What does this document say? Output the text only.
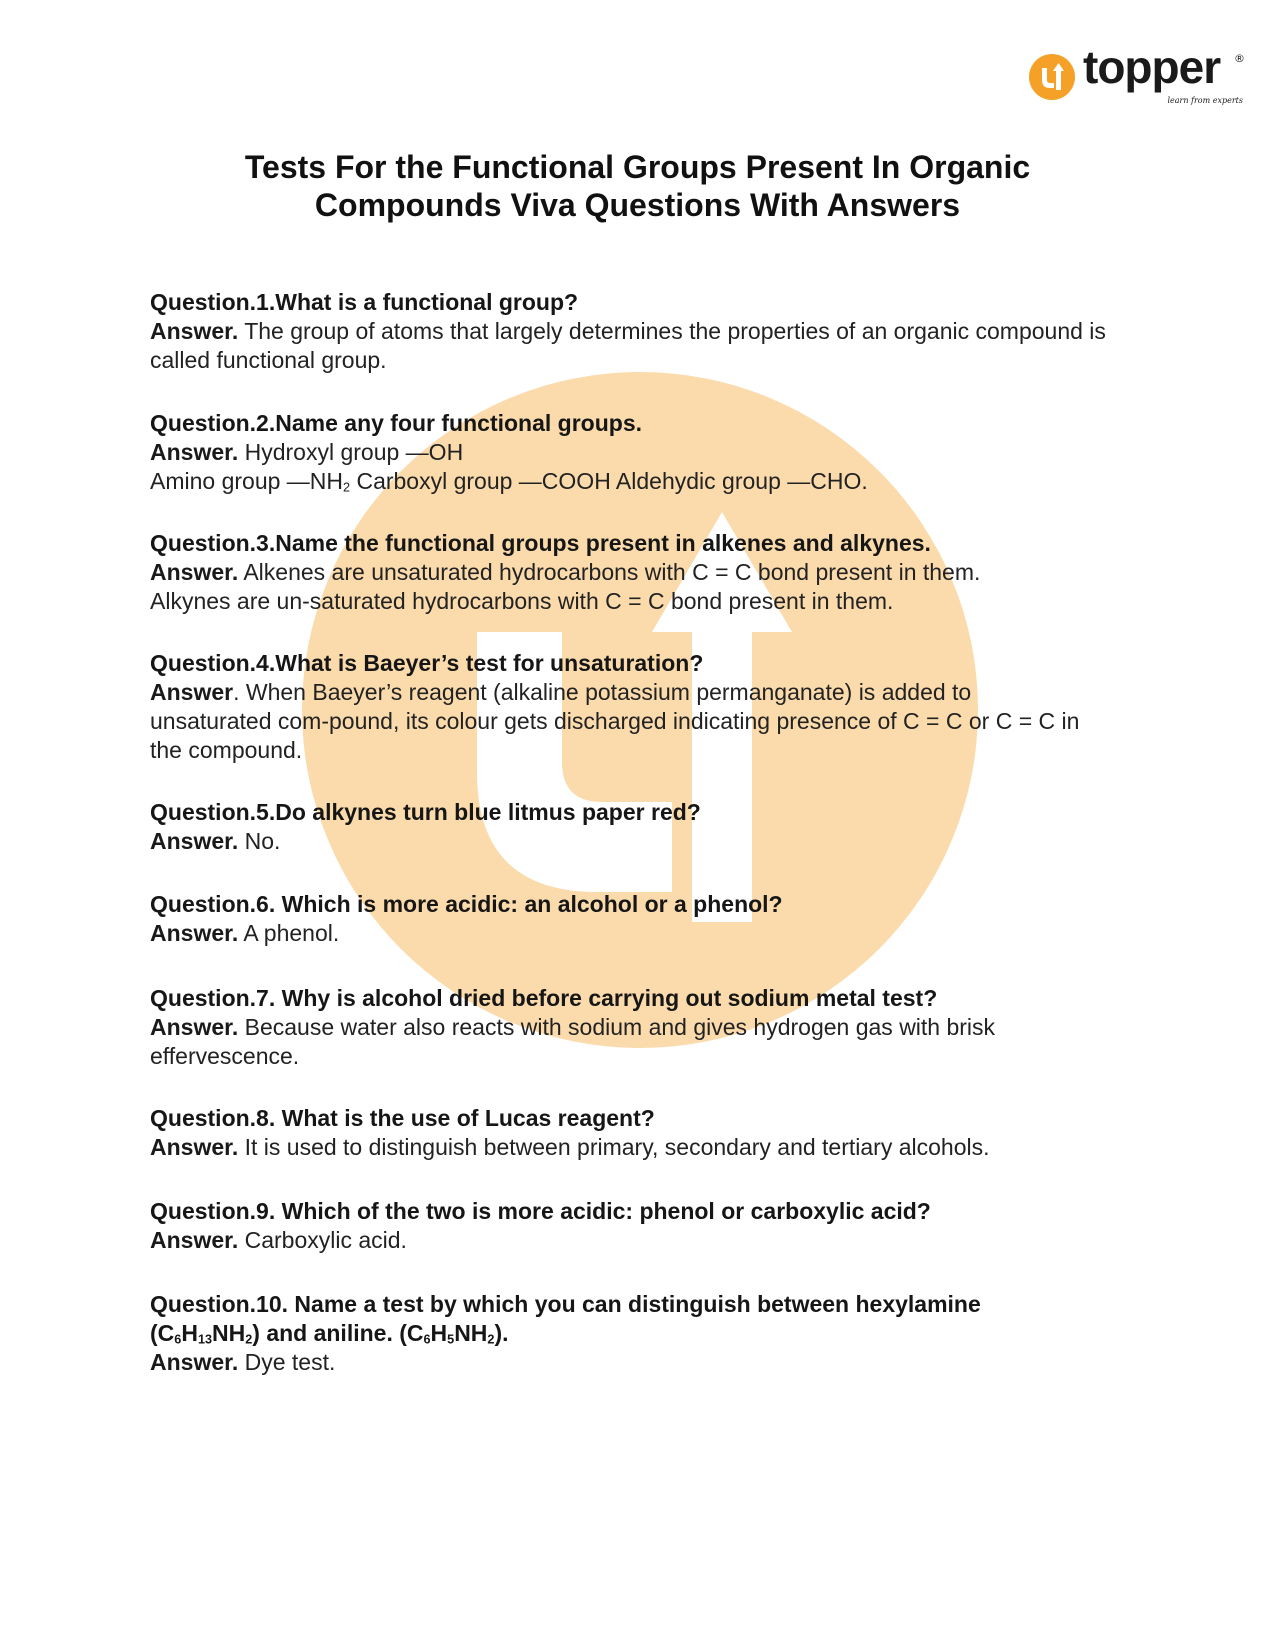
topper ®
learn from experts
Tests For the Functional Groups Present In Organic
Compounds Viva Questions With Answers

Question.1.What is a functional group?

Answer. The group of atoms that largely determines the properties of an organic compound is called functional group.

Question.2.Name any four functional groups.

Answer. Hydroxyl group —OH

Amino group $—NH_2$ Carboxyl group —COOH Aldehydic group —CHO.

Question.3.Name the functional groups present in alkenes and alkynes.

Answer. Alkenes are unsaturated hydrocarbons with C = C bond present in them.

Alkynes are un-saturated hydrocarbons with C = C bond present in them.

Question.4.What is Baeyer’s test for unsaturation?

Answer. When Baeyer’s reagent (alkaline potassium permanganate) is added to unsaturated com-pound, its colour gets discharged indicating presence of C = C or C = C in the compound.

Question.5.Do alkynes turn blue litmus paper red?

Answer. No.

Question.6. Which is more acidic: an alcohol or a phenol?

Answer. A phenol.

Question.7. Why is alcohol dried before carrying out sodium metal test?

Answer. Because water also reacts with sodium and gives hydrogen gas with brisk effervescence.

Question.8. What is the use of Lucas reagent?

Answer. It is used to distinguish between primary, secondary and tertiary alcohols.

Question.9. Which of the two is more acidic: phenol or carboxylic acid?

Answer. Carboxylic acid.

Question.10. Name a test by which you can distinguish between hexylamine $(C_6H_{13}NH_2)$ and aniline. $(C_6H_5NH_2)$.

Answer. Dye test.
